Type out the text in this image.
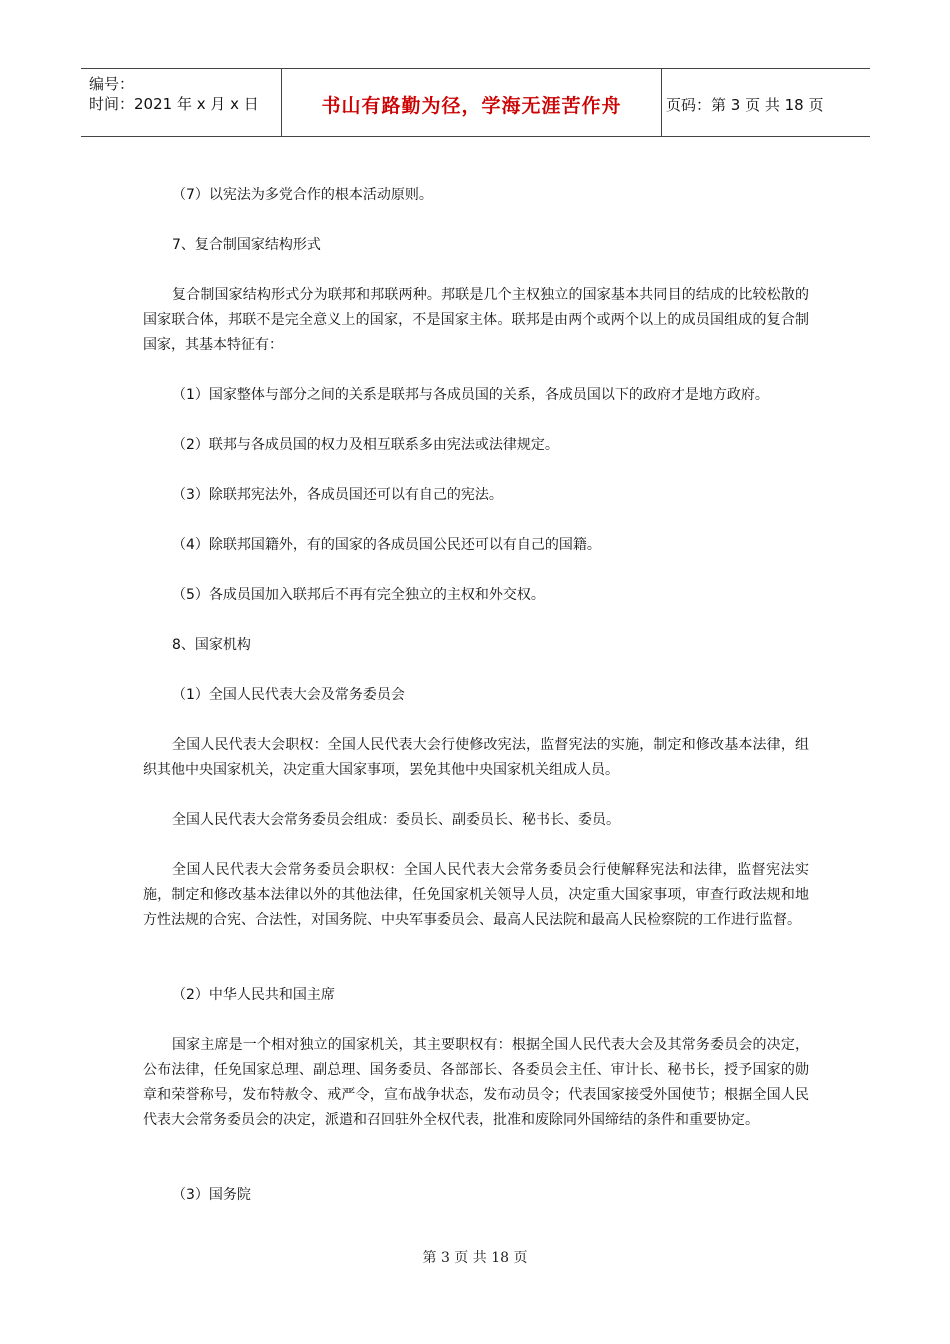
编号：
时间：2021 年 x 月 x 日	书山有路勤为径，学海无涯苦作舟	页码：第 3 页 共 18 页
（7）以宪法为多党合作的根本活动原则。
7、复合制国家结构形式
复合制国家结构形式分为联邦和邦联两种。邦联是几个主权独立的国家基本共同目的结成的比较松散的国家联合体，邦联不是完全意义上的国家，不是国家主体。联邦是由两个或两个以上的成员国组成的复合制国家，其基本特征有：
（1）国家整体与部分之间的关系是联邦与各成员国的关系，各成员国以下的政府才是地方政府。
（2）联邦与各成员国的权力及相互联系多由宪法或法律规定。
（3）除联邦宪法外，各成员国还可以有自己的宪法。
（4）除联邦国籍外，有的国家的各成员国公民还可以有自己的国籍。
（5）各成员国加入联邦后不再有完全独立的主权和外交权。
8、国家机构
（1）全国人民代表大会及常务委员会
全国人民代表大会职权：全国人民代表大会行使修改宪法，监督宪法的实施，制定和修改基本法律，组织其他中央国家机关，决定重大国家事项，罢免其他中央国家机关组成人员。
全国人民代表大会常务委员会组成：委员长、副委员长、秘书长、委员。
全国人民代表大会常务委员会职权：全国人民代表大会常务委员会行使解释宪法和法律，监督宪法实施，制定和修改基本法律以外的其他法律，任免国家机关领导人员，决定重大国家事项，审查行政法规和地方性法规的合宪、合法性，对国务院、中央军事委员会、最高人民法院和最高人民检察院的工作进行监督。
（2）中华人民共和国主席
国家主席是一个相对独立的国家机关，其主要职权有：根据全国人民代表大会及其常务委员会的决定，公布法律，任免国家总理、副总理、国务委员、各部部长、各委员会主任、审计长、秘书长，授予国家的勋章和荣誉称号，发布特赦令、戒严令，宣布战争状态，发布动员令；代表国家接受外国使节；根据全国人民代表大会常务委员会的决定，派遣和召回驻外全权代表，批准和废除同外国缔结的条件和重要协定。
（3）国务院
第 3 页 共 18 页
